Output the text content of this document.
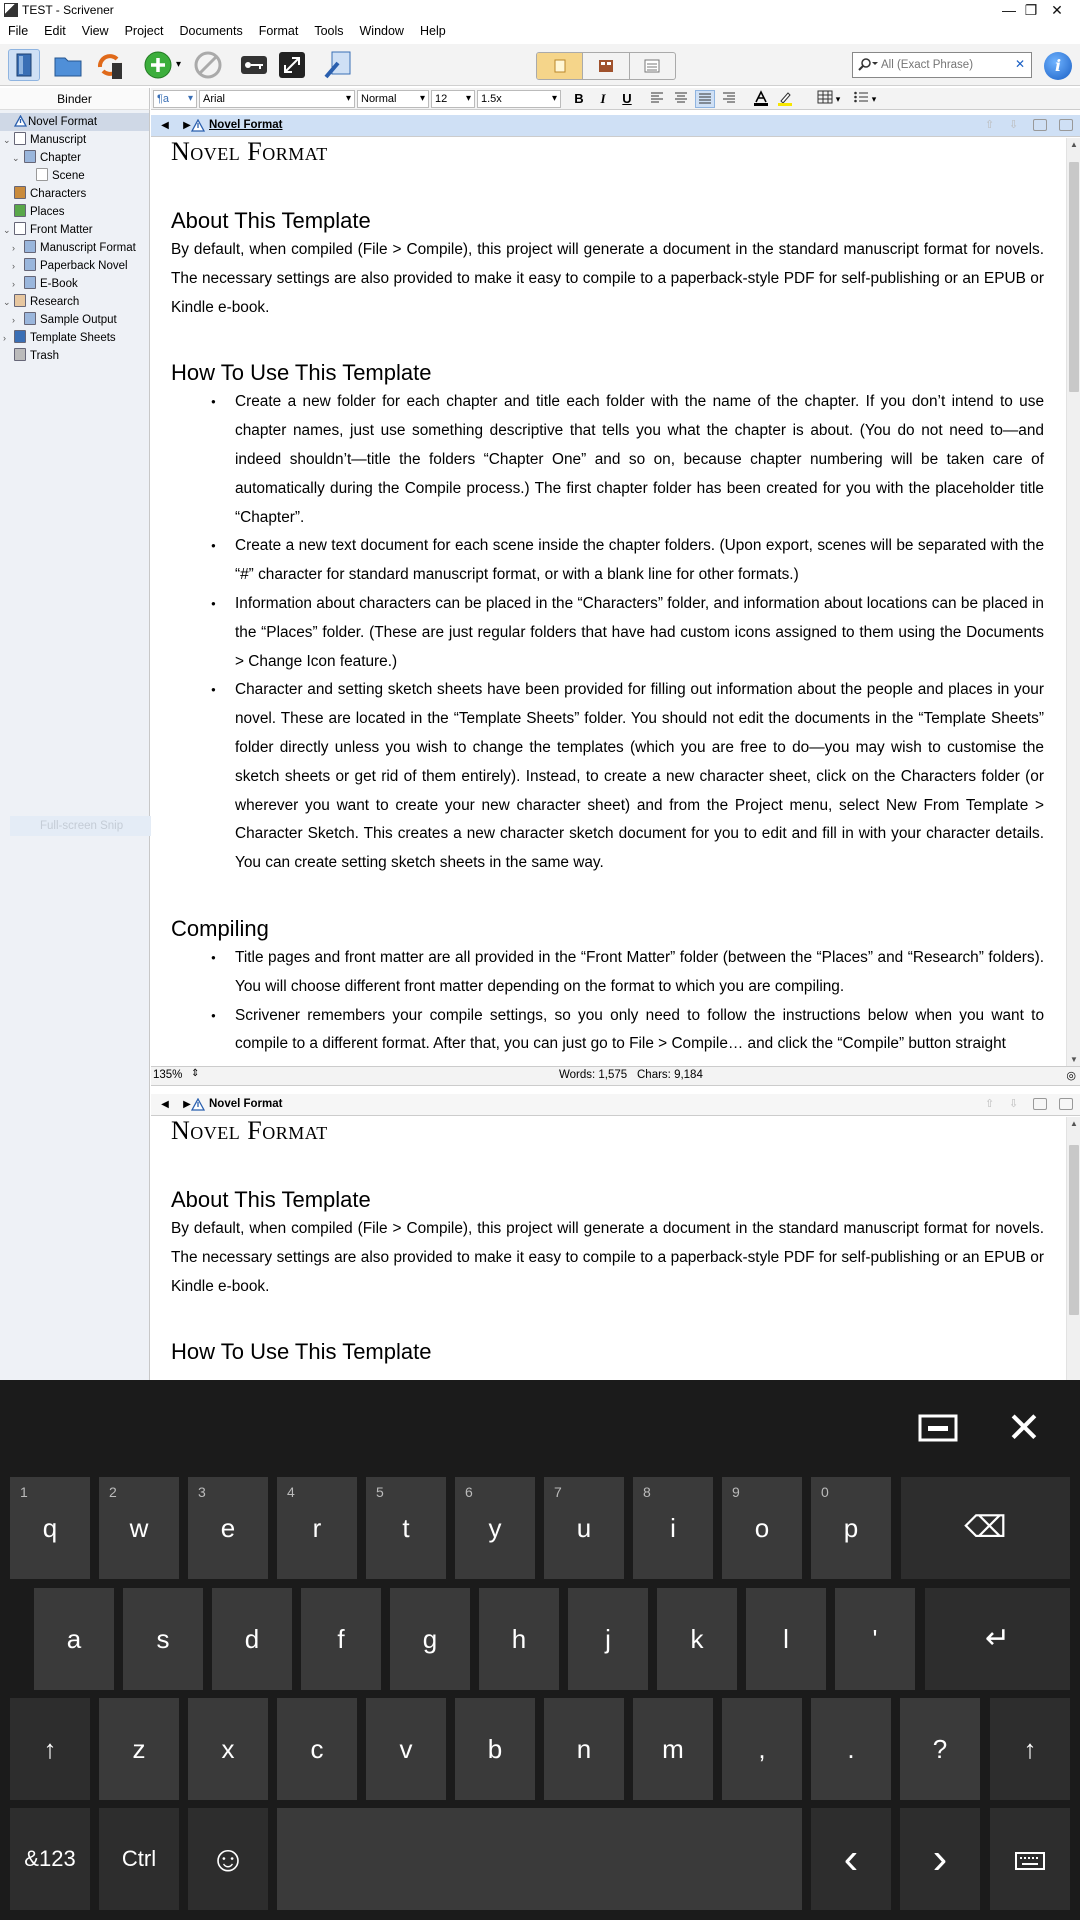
TEST - Scrivener	— ❐ ✕
File Edit View Project Documents Format Tools Window Help
▾
All (Exact Phrase)	✕	i
Binder
Novel Format
⌄	Manuscript
⌄	Chapter
Scene
Characters
Places
⌄	Front Matter
›	Manuscript Format
›	Paperback Novel
›	E-Book
⌄	Research
›	Sample Output
›	Template Sheets
Trash
Full-screen Snip
¶a ▾	Arial ▾	Normal ▾	12 ▾	1.5x ▾	B	I	U	▾	▾
◀	▶	Novel Format	⇧	⇩
Novel Format
About This Template
By default, when compiled (File > Compile), this project will generate a document in the standard manuscript format for novels. The necessary settings are also provided to make it easy to compile to a paperback-style PDF for self-publishing or an EPUB or Kindle e-book.
How To Use This Template
● Create a new folder for each chapter and title each folder with the name of the chapter. If you don’t intend to use chapter names, just use something descriptive that tells you what the chapter is about. (You do not need to—and indeed shouldn’t—title the folders “Chapter One” and so on, because chapter numbering will be taken care of automatically during the Compile process.) The first chapter folder has been created for you with the placeholder title “Chapter”.
● Create a new text document for each scene inside the chapter folders. (Upon export, scenes will be separated with the “#” character for standard manuscript format, or with a blank line for other formats.)
● Information about characters can be placed in the “Characters” folder, and information about locations can be placed in the “Places” folder. (These are just regular folders that have had custom icons assigned to them using the Documents > Change Icon feature.)
● Character and setting sketch sheets have been provided for filling out information about the people and places in your novel. These are located in the “Template Sheets” folder. You should not edit the documents in the “Template Sheets” folder directly unless you wish to change the templates (which you are free to do—you may wish to customise the sketch sheets or get rid of them entirely). Instead, to create a new character sheet, click on the Characters folder (or wherever you want to create your new character sheet) and from the Project menu, select New From Template > Character Sketch. This creates a new character sketch document for you to edit and fill in with your character details. You can create setting sketch sheets in the same way.
Compiling
● Title pages and front matter are all provided in the “Front Matter” folder (between the “Places” and “Research” folders). You will choose different front matter depending on the format to which you are compiling.
● Scrivener remembers your compile settings, so you only need to follow the instructions below when you want to compile to a different format. After that, you can just go to File > Compile… and click the “Compile” button straight
▲
▼
135% ⇕	Words: 1,575 Chars: 9,184	◎
◀	▶	Novel Format	⇧	⇩
Novel Format
About This Template
By default, when compiled (File > Compile), this project will generate a document in the standard manuscript format for novels. The necessary settings are also provided to make it easy to compile to a paperback-style PDF for self-publishing or an EPUB or Kindle e-book.
How To Use This Template
▲
✕
1
q
2
w
3
e
4
r
5
t
6
y
7
u
8
i
9
o
0
p	⌫
a	s	d	f	g	h	j	k	l	'	↵
↑	z	x	c	v	b	n	m	,	.	?	↑
&123	Ctrl	☺	‹	›
